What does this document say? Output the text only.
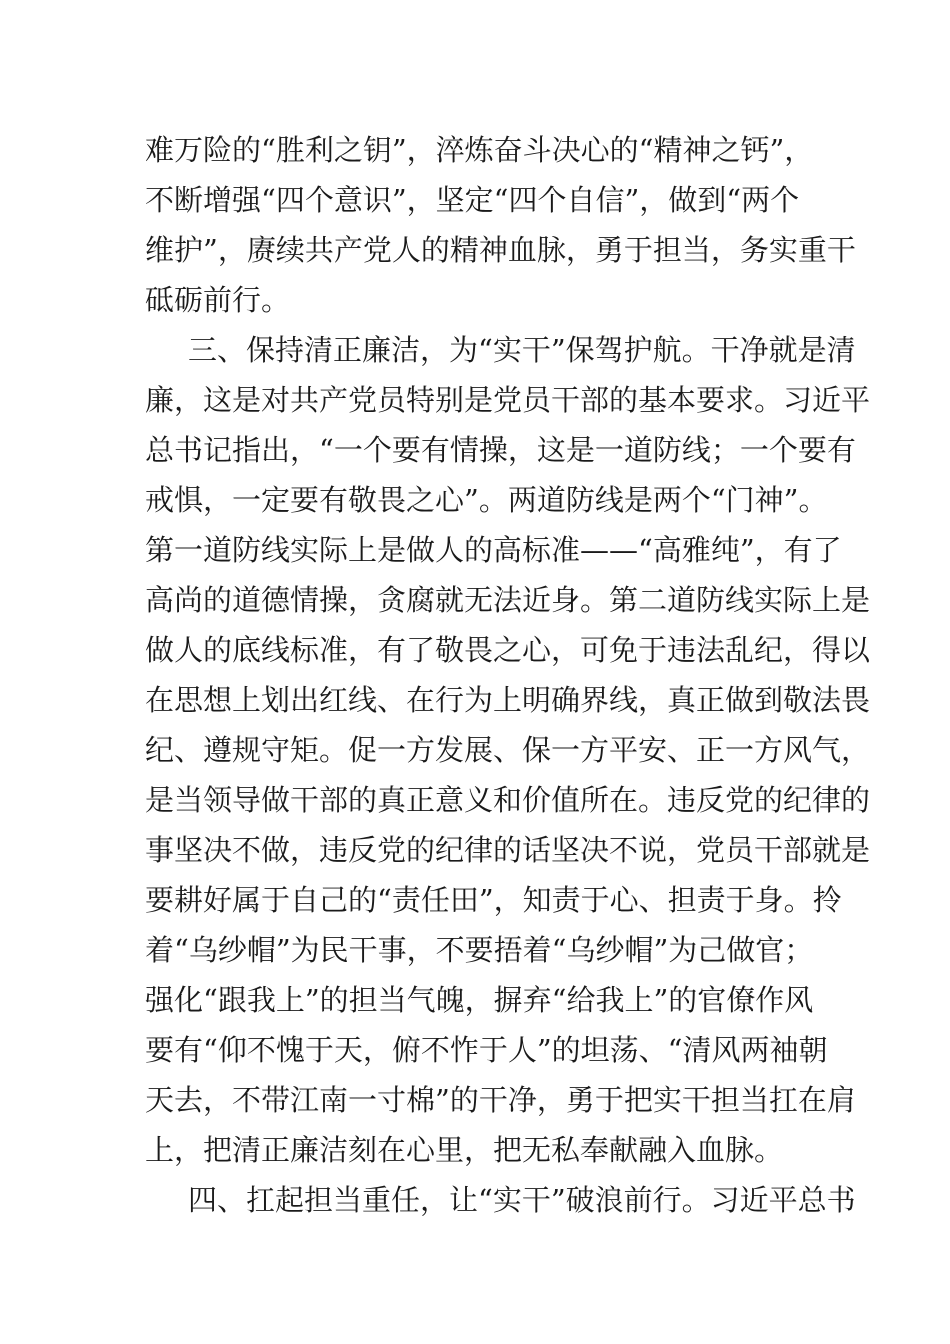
难万险的“胜利之钥”，淬炼奋斗决心的“精神之钙”，
不断增强“四个意识”，坚定“四个自信”，做到“两个
维护”，赓续共产党人的精神血脉，勇于担当，务实重干
砥砺前行。
三、保持清正廉洁，为“实干”保驾护航。干净就是清
廉，这是对共产党员特别是党员干部的基本要求。习近平
总书记指出，“一个要有情操，这是一道防线；一个要有
戒惧，一定要有敬畏之心”。两道防线是两个“门神”。
第一道防线实际上是做人的高标准——“高雅纯”，有了
高尚的道德情操，贪腐就无法近身。第二道防线实际上是
做人的底线标准，有了敬畏之心，可免于违法乱纪，得以
在思想上划出红线、在行为上明确界线，真正做到敬法畏
纪、遵规守矩。促一方发展、保一方平安、正一方风气，
是当领导做干部的真正意义和价值所在。违反党的纪律的
事坚决不做，违反党的纪律的话坚决不说，党员干部就是
要耕好属于自己的“责任田”，知责于心、担责于身。拎
着“乌纱帽”为民干事，不要捂着“乌纱帽”为己做官；
强化“跟我上”的担当气魄，摒弃“给我上”的官僚作风
要有“仰不愧于天，俯不怍于人”的坦荡、“清风两袖朝
天去，不带江南一寸棉”的干净，勇于把实干担当扛在肩
上，把清正廉洁刻在心里，把无私奉献融入血脉。
四、扛起担当重任，让“实干”破浪前行。习近平总书
